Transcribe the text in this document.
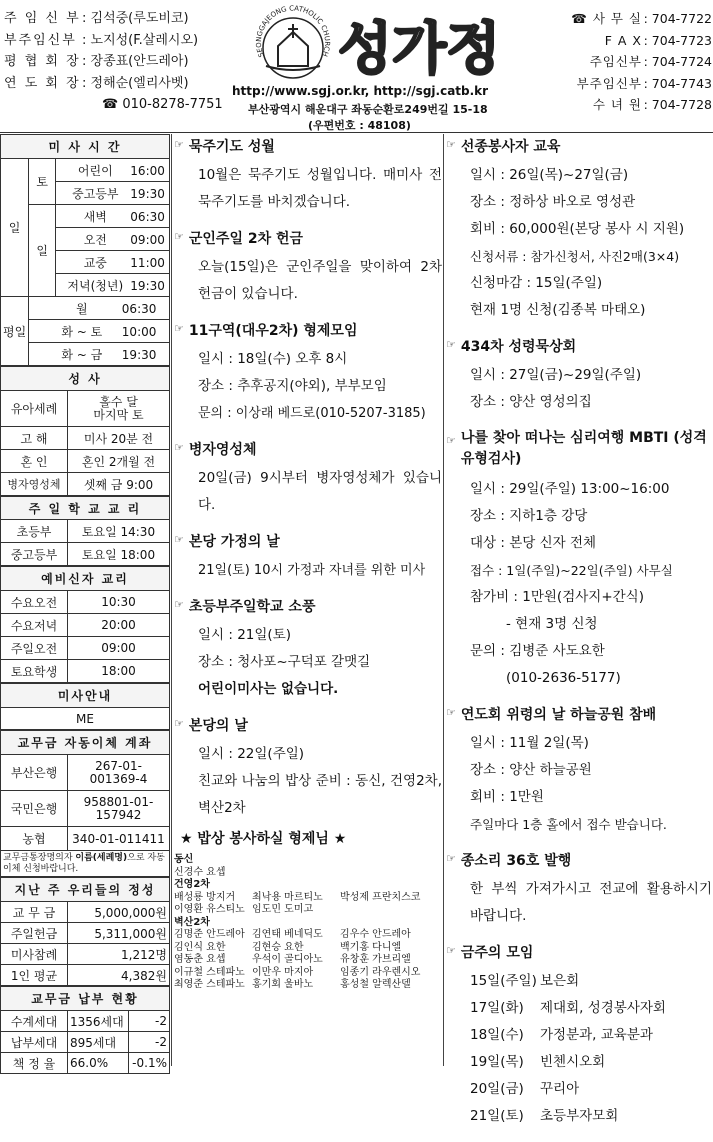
주 임 신 부 : 김석중(루도비코)
부주임신부 : 노지성(F.살레시오)
평 협 회 장 : 장종표(안드레아)
연 도 회 장 : 정해순(엘리사벳)
☎ 010-8278-7751
SEONGGAJEONG CATHOLIC CHURCH 성가정
http://www.sgj.or.kr, http://sgj.catb.kr
부산광역시 해운대구 좌동순환로249번길 15-18
(우편번호 : 48108)
☎ 사 무 실 : 704-7722
F A X : 704-7723
주임신부 : 704-7724
부주임신부 : 704-7743
수 녀 원 : 704-7728
미 사 시 간		
일	토	어린이 16:00
		중고등부 19:30
	일	새벽 06:30
		오전 09:00
		교중 11:00
		저녁(청년) 19:30
평일	월 06:30	
	화 ~ 토 10:00	
	화 ~ 금 19:30	
성 사	
유아세례	홀수 달
마지막 토
고 해	미사 20분 전
혼 인	혼인 2개월 전
병자영성체	셋째 금 9:00
주 일 학 교 교 리	
초등부	토요일 14:30
중고등부	토요일 18:00
예비신자 교리	
수요오전	10:30
수요저녁	20:00
주일오전	09:00
토요학생	18:00
미사안내
ME
교무금 자동이체 계좌	
부산은행	267-01-
001369-4
국민은행	958801-01-
157942
농협	340-01-011411
교무금통장명의자 이름(세례명)으로 자동이체 신청바랍니다.	
지난 주 우리들의 정성	
교 무 금	5,000,000원
주일헌금	5,311,000원
미사참례	1,212명
1인 평균	4,382원
교무금 납부 현황		
수계세대	1356세대	-2
납부세대	895세대	-2
책 정 율	66.0%	-0.1%
☞ 묵주기도 성월

10월은 묵주기도 성월입니다. 매미사 전 묵주기도를 바치겠습니다.

☞ 군인주일 2차 헌금

오늘(15일)은 군인주일을 맞이하여 2차 헌금이 있습니다.

☞ 11구역(대우2차) 형제모임

일시 : 18일(수) 오후 8시

장소 : 추후공지(야외), 부부모임

문의 : 이상래 베드로(010-5207-3185)

☞ 병자영성체

20일(금) 9시부터 병자영성체가 있습니다.

☞ 본당 가정의 날

21일(토) 10시 가정과 자녀를 위한 미사

☞ 초등부주일학교 소풍

일시 : 21일(토)

장소 : 청사포~구덕포 갈맷길

어린이미사는 없습니다.

☞ 본당의 날

일시 : 22일(주일)

친교와 나눔의 밥상 준비 : 동신, 건영2차, 벽산2차

★ 밥상 봉사하실 형제님 ★
동신
신경수 요셉
건영2차
배성룡 방지거	최낙용 마르티노	박성제 프란치스코
이영환 유스티노 임도민 도미고
벽산2차
김명준 안드레아 김연태 베네딕도	김우수 안드레아
김인식 요한	김현승 요한	백기홍 다니엘
염동춘 요셉	우석이 골디아노	유창훈 가브리엘
이규철 스테파노 이만우 마지아	임종기 라우렌시오
최영준 스테파노 홍기회 울바노	홍성철 알렉산델
☞ 선종봉사자 교육

일시 : 26일(목)~27일(금)

장소 : 정하상 바오로 영성관

회비 : 60,000원(본당 봉사 시 지원)

신청서류 : 참가신청서, 사진2매(3×4)

신청마감 : 15일(주일)

현재 1명 신청(김종복 마태오)

☞ 434차 성령묵상회

일시 : 27일(금)~29일(주일)

장소 : 양산 영성의집

☞ 나를 찾아 떠나는 심리여행 MBTI (성격 유형검사)

일시 : 29일(주일) 13:00~16:00

장소 : 지하1층 강당

대상 : 본당 신자 전체

접수 : 1일(주일)~22일(주일) 사무실

참가비 : 1만원(검사지+간식)

- 현재 3명 신청

문의 : 김병준 사도요한

(010-2636-5177)

☞ 연도회 위령의 날 하늘공원 참배

일시 : 11월 2일(목)

장소 : 양산 하늘공원

회비 : 1만원

주일마다 1층 홀에서 접수 받습니다.

☞ 종소리 36호 발행

한 부씩 가져가시고 전교에 활용하시기 바랍니다.

☞ 금주의 모임

15일(주일) 보은회

17일(화)	제대회, 성경봉사자회

18일(수)	가정분과, 교육분과

19일(목)	빈첸시오회

20일(금)	꾸리아

21일(토)	초등부자모회
